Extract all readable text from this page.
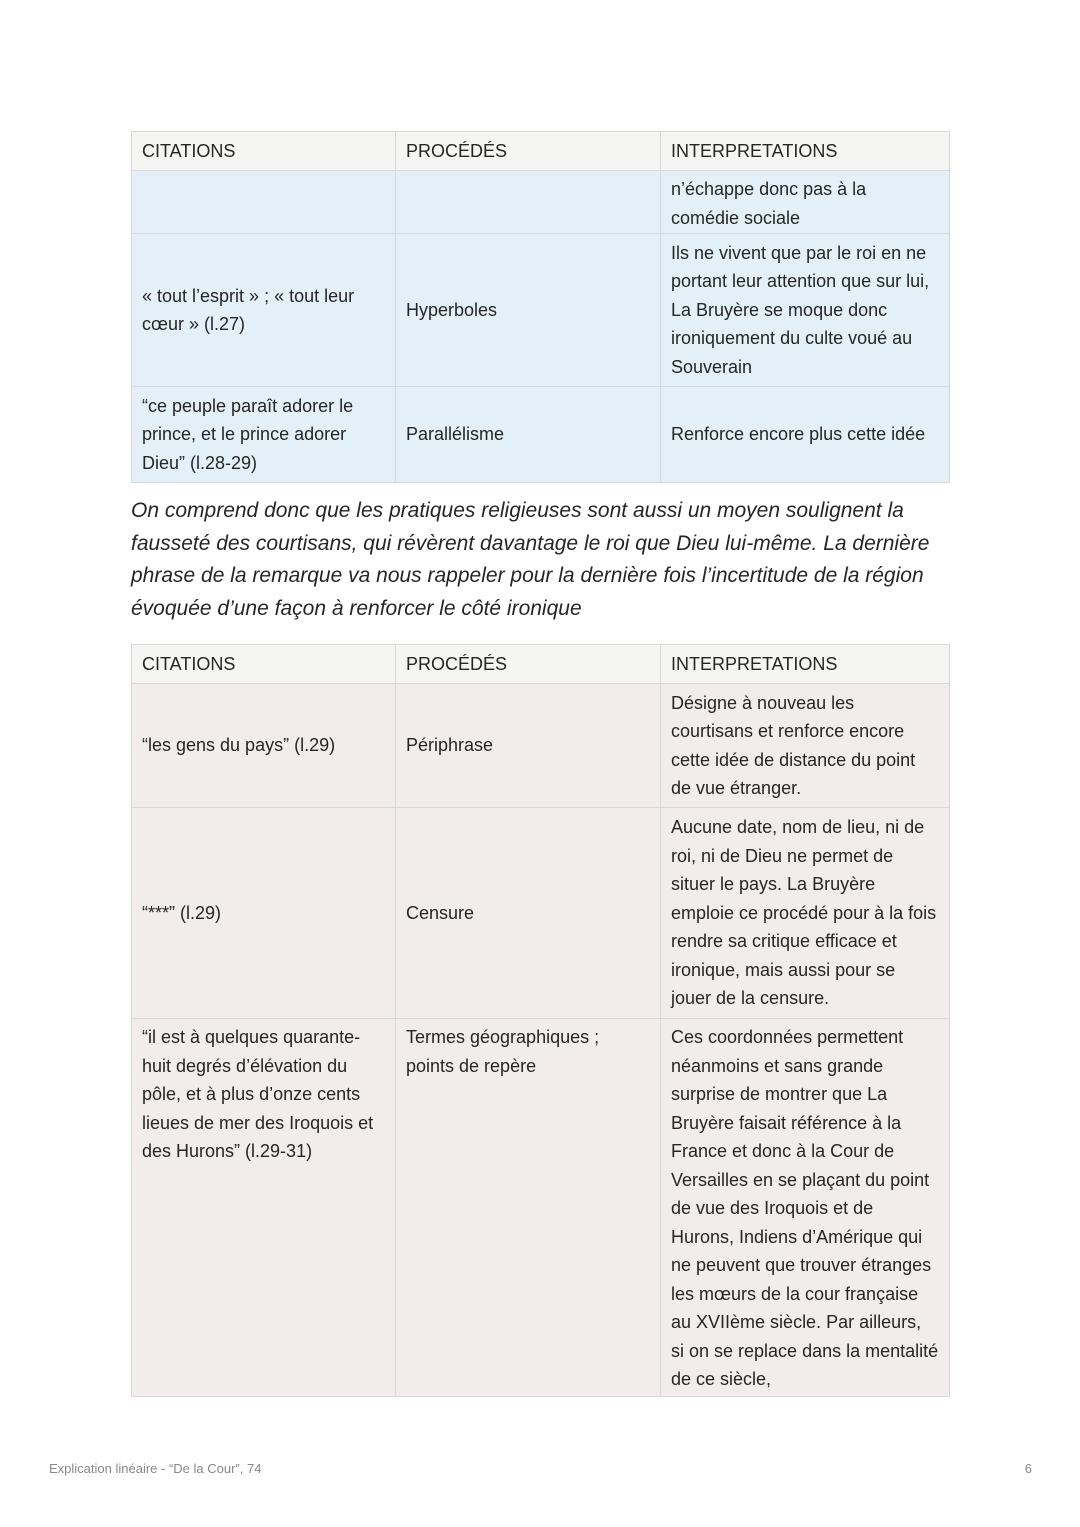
CITATIONS	PROCÉDÉS	INTERPRETATIONS
		n’échappe donc pas à la comédie sociale
« tout l’esprit » ; « tout leur cœur » (l.27)	Hyperboles	Ils ne vivent que par le roi en ne portant leur attention que sur lui, La Bruyère se moque donc ironiquement du culte voué au Souverain
“ce peuple paraît adorer le prince, et le prince adorer Dieu” (l.28-29)	Parallélisme	Renforce encore plus cette idée
On comprend donc que les pratiques religieuses sont aussi un moyen soulignent la fausseté des courtisans, qui révèrent davantage le roi que Dieu lui-même. La dernière phrase de la remarque va nous rappeler pour la dernière fois l’incertitude de la région évoquée d’une façon à renforcer le côté ironique
CITATIONS	PROCÉDÉS	INTERPRETATIONS
“les gens du pays” (l.29)	Périphrase	Désigne à nouveau les courtisans et renforce encore cette idée de distance du point de vue étranger.
“***” (l.29)	Censure	Aucune date, nom de lieu, ni de roi, ni de Dieu ne permet de situer le pays. La Bruyère emploie ce procédé pour à la fois rendre sa critique efficace et ironique, mais aussi pour se jouer de la censure.
“il est à quelques quarante-huit degrés d’élévation du pôle, et à plus d’onze cents lieues de mer des Iroquois et des Hurons” (l.29-31)	Termes géographiques ; points de repère	Ces coordonnées permettent néanmoins et sans grande surprise de montrer que La Bruyère faisait référence à la France et donc à la Cour de Versailles en se plaçant du point de vue des Iroquois et de Hurons, Indiens d’Amérique qui ne peuvent que trouver étranges les mœurs de la cour française au XVIIème siècle. Par ailleurs, si on se replace dans la mentalité de ce siècle,
Explication linéaire - “De la Cour”, 74	6
